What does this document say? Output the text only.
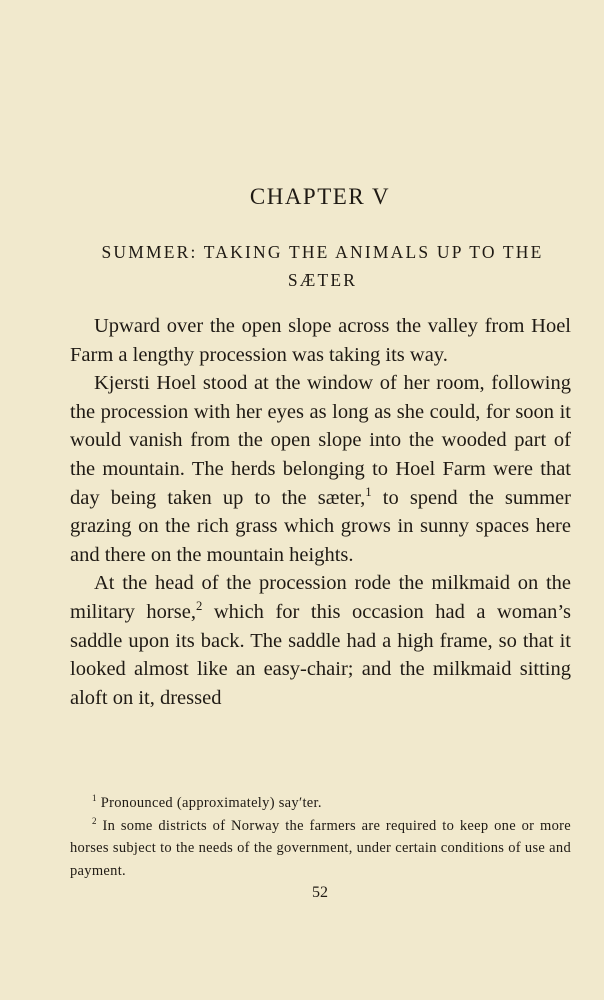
CHAPTER V
SUMMER: TAKING THE ANIMALS UP TO THE SÆTER

Upward over the open slope across the valley from Hoel Farm a lengthy procession was taking its way.

Kjersti Hoel stood at the window of her room, following the procession with her eyes as long as she could, for soon it would vanish from the open slope into the wooded part of the mountain. The herds belonging to Hoel Farm were that day being taken up to the sæter,$^1$ to spend the summer grazing on the rich grass which grows in sunny spaces here and there on the mountain heights.

At the head of the procession rode the milkmaid on the military horse,$^2$ which for this occasion had a woman’s saddle upon its back. The saddle had a high frame, so that it looked almost like an easy-chair; and the milkmaid sitting aloft on it, dressed

$^1$ Pronounced (approximately) say′ter.

$^2$ In some districts of Norway the farmers are required to keep one or more horses subject to the needs of the government, under certain conditions of use and payment.

52
